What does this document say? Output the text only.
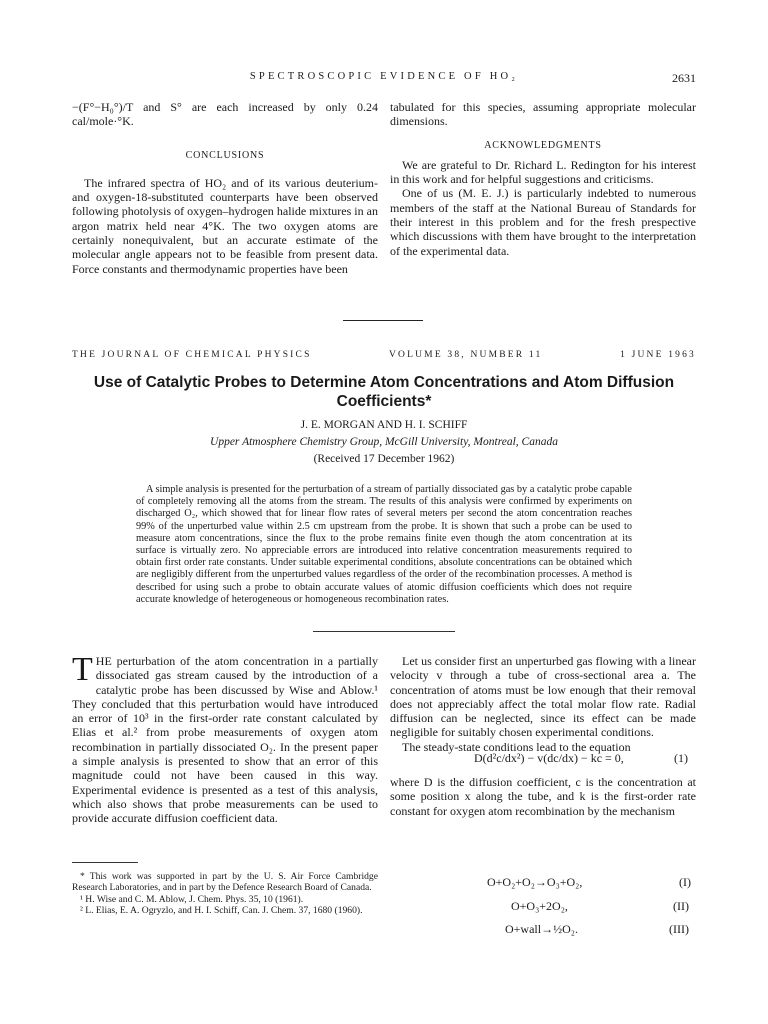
SPECTROSCOPIC EVIDENCE OF HO₂	2631

−(F°−H₀°)/T and S° are each increased by only 0.24 cal/mole·°K.

CONCLUSIONS

The infrared spectra of HO₂ and of its various deuterium- and oxygen-18-substituted counterparts have been observed following photolysis of oxygen–hydrogen halide mixtures in an argon matrix held near 4°K. The two oxygen atoms are certainly nonequivalent, but an accurate estimate of the molecular angle appears not to be feasible from present data. Force constants and thermodynamic properties have been

tabulated for this species, assuming appropriate molecular dimensions.

ACKNOWLEDGMENTS

We are grateful to Dr. Richard L. Redington for his interest in this work and for helpful suggestions and criticisms.

One of us (M. E. J.) is particularly indebted to numerous members of the staff at the National Bureau of Standards for their interest in this problem and for the fresh prespective which discussions with them have brought to the interpretation of the experimental data.

THE JOURNAL OF CHEMICAL PHYSICS	VOLUME 38, NUMBER 11	1 JUNE 1963
Use of Catalytic Probes to Determine Atom Concentrations and Atom Diffusion Coefficients*
J. E. MORGAN AND H. I. SCHIFF
Upper Atmosphere Chemistry Group, McGill University, Montreal, Canada
(Received 17 December 1962)

A simple analysis is presented for the perturbation of a stream of partially dissociated gas by a catalytic probe capable of completely removing all the atoms from the stream. The results of this analysis were confirmed by experiments on discharged O₂, which showed that for linear flow rates of several meters per second the atom concentration reaches 99% of the unperturbed value within 2.5 cm upstream from the probe. It is shown that such a probe can be used to measure atom concentrations, since the flux to the probe remains finite even though the atom concentration at its surface is virtually zero. No appreciable errors are introduced into relative concentration measurements required to obtain first order rate constants. Under suitable experimental conditions, absolute concentrations can be obtained which are negligibly different from the unperturbed values regardless of the order of the recombination processes. A method is described for using such a probe to obtain accurate values of atomic diffusion coefficients which does not require accurate knowledge of heterogeneous or homogeneous recombination rates.

THE perturbation of the atom concentration in a partially dissociated gas stream caused by the introduction of a catalytic probe has been discussed by Wise and Ablow.¹ They concluded that this perturbation would have introduced an error of 10³ in the first-order rate constant calculated by Elias et al.² from probe measurements of oxygen atom recombination in partially dissociated O₂. In the present paper a simple analysis is presented to show that an error of this magnitude could not have been caused in this way. Experimental evidence is presented as a test of this analysis, which also shows that probe measurements can be used to provide accurate diffusion coefficient data.

* This work was supported in part by the U. S. Air Force Cambridge Research Laboratories, and in part by the Defence Research Board of Canada.

¹ H. Wise and C. M. Ablow, J. Chem. Phys. 35, 10 (1961).

² L. Elias, E. A. Ogryzlo, and H. I. Schiff, Can. J. Chem. 37, 1680 (1960).

Let us consider first an unperturbed gas flowing with a linear velocity v through a tube of cross-sectional area a. The concentration of atoms must be low enough that their removal does not appreciably affect the total molar flow rate. Radial diffusion can be neglected, since its effect can be made negligible for suitably chosen experimental conditions.

The steady-state conditions lead to the equation

D(d²c/dx²) − v(dc/dx) − kc = 0,	(1)

where D is the diffusion coefficient, c is the concentration at some position x along the tube, and k is the first-order rate constant for oxygen atom recombination by the mechanism

O+O₂+O₂→O₃+O₂,	(I)
O+O₃+2O₂,	(II)
O+wall→½O₂.	(III)
